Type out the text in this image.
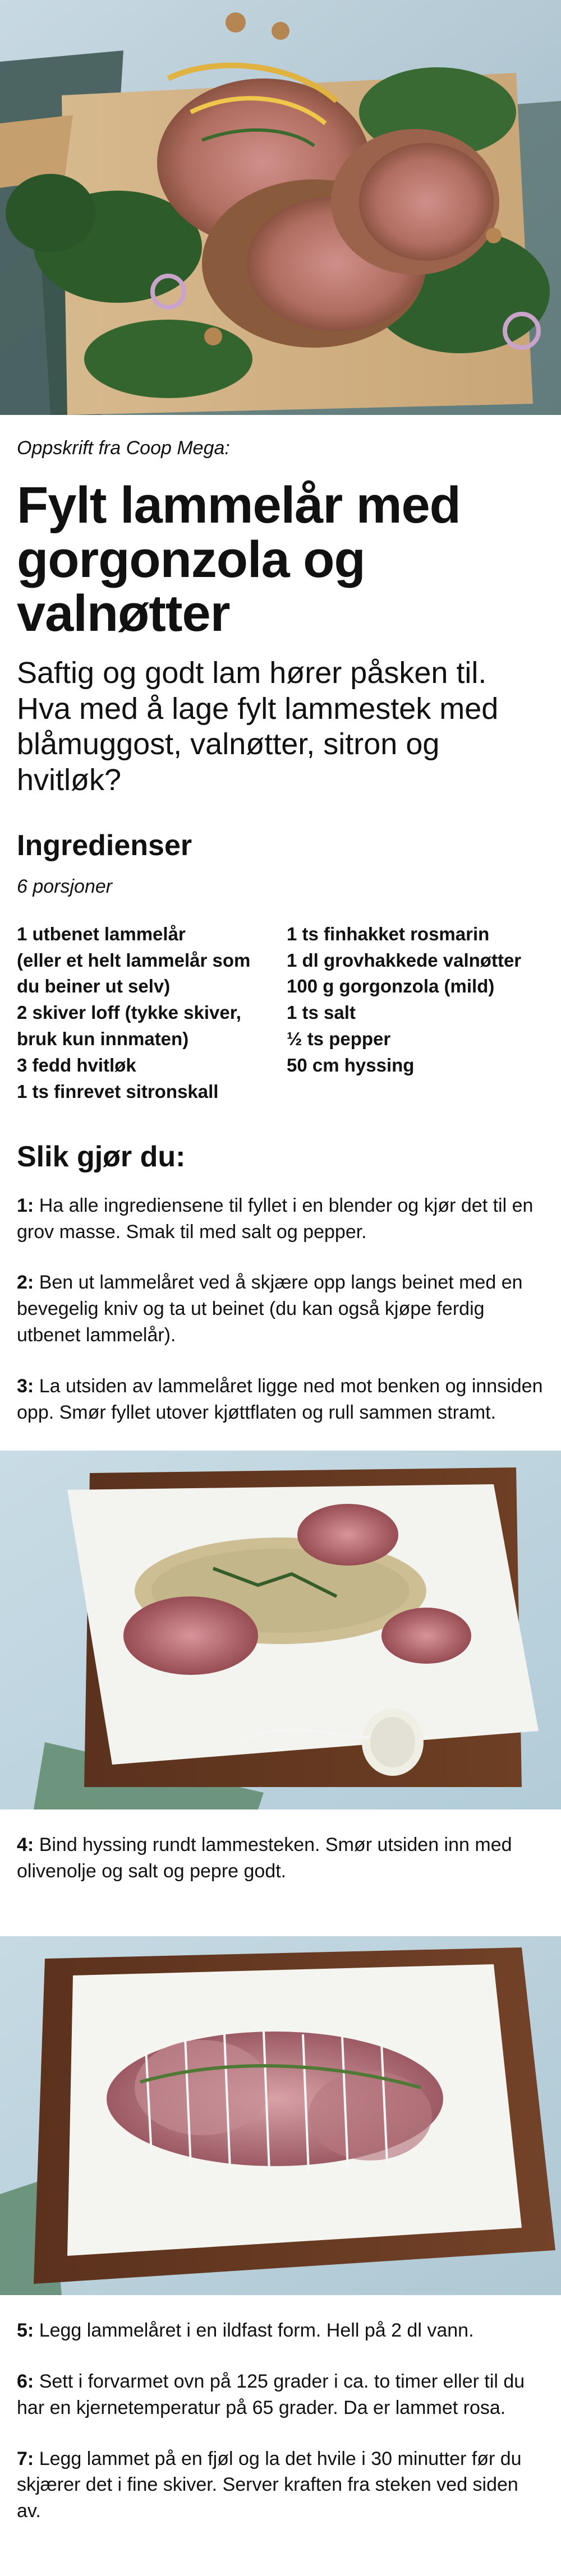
Oppskrift fra Coop Mega:
Fylt lammelår med gorgonzola og valnøtter
Saftig og godt lam hører påsken til. Hva med å lage fylt lammestek med blåmuggost, valnøtter, sitron og hvitløk?
Ingredienser
6 porsjoner
1 utbenet lammelår
(eller et helt lammelår som du beiner ut selv)
2 skiver loff (tykke skiver,
bruk kun innmaten)
3 fedd hvitløk
1 ts finrevet sitronskall
1 ts finhakket rosmarin
1 dl grovhakkede valnøtter
100 g gorgonzola (mild)
1 ts salt
½ ts pepper
50 cm hyssing
Slik gjør du:
1: Ha alle ingrediensene til fyllet i en blender og kjør det til en grov masse. Smak til med salt og pepper.
2: Ben ut lammelåret ved å skjære opp langs beinet med en bevegelig kniv og ta ut beinet (du kan også kjøpe ferdig utbenet lammelår).
3: La utsiden av lammelåret ligge ned mot benken og innsiden opp. Smør fyllet utover kjøttflaten og rull sammen stramt.
4: Bind hyssing rundt lammesteken. Smør utsiden inn med olivenolje og salt og pepre godt.
5: Legg lammelåret i en ildfast form. Hell på 2 dl vann.
6: Sett i forvarmet ovn på 125 grader i ca. to timer eller til du har en kjernetemperatur på 65 grader. Da er lammet rosa.
7: Legg lammet på en fjøl og la det hvile i 30 minutter før du skjærer det i fine skiver. Server kraften fra steken ved siden av.
